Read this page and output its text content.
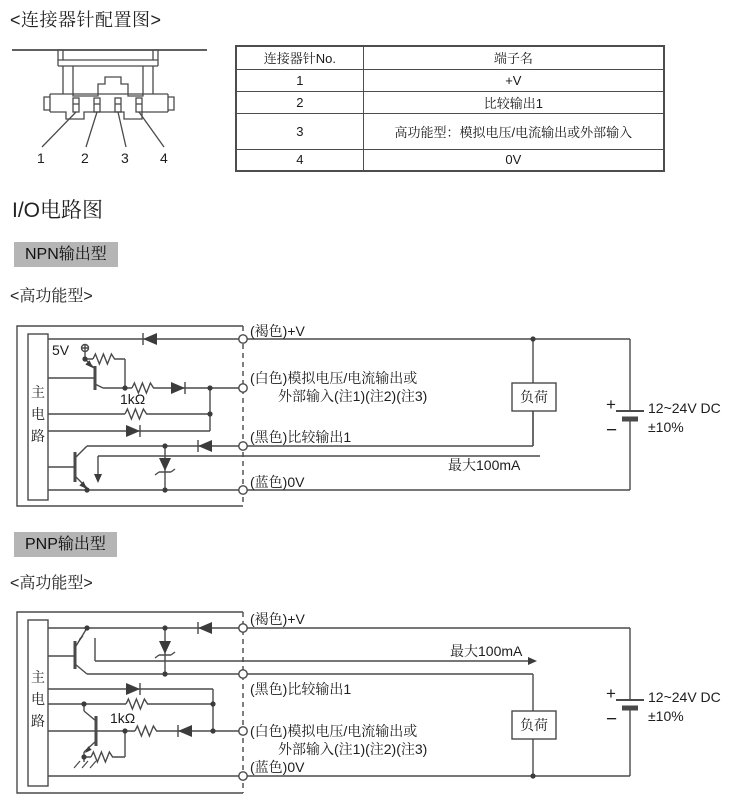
<连接器针配置图>
1	2 3 4
连接器针No.	端子名
1	+V
2	比较输出1
3	高功能型：模拟电压/电流输出或外部输入
4	0V
I/O电路图
NPN输出型
<高功能型>
5V
1kΩ
(褐色)+V
(白色)模拟电压/电流输出或
外部输入(注1)(注2)(注3)
(黑色)比较输出1
最大100mA
(蓝色)0V
负荷	+
−
12~24V DC
±10%
主
电
路
PNP输出型
<高功能型>
(褐色)+V
最大100mA
(黑色)比较输出1
1kΩ
(白色)模拟电压/电流输出或
外部输入(注1)(注2)(注3)
(蓝色)0V
负荷
+
−
12~24V DC
±10%
主
电
路
